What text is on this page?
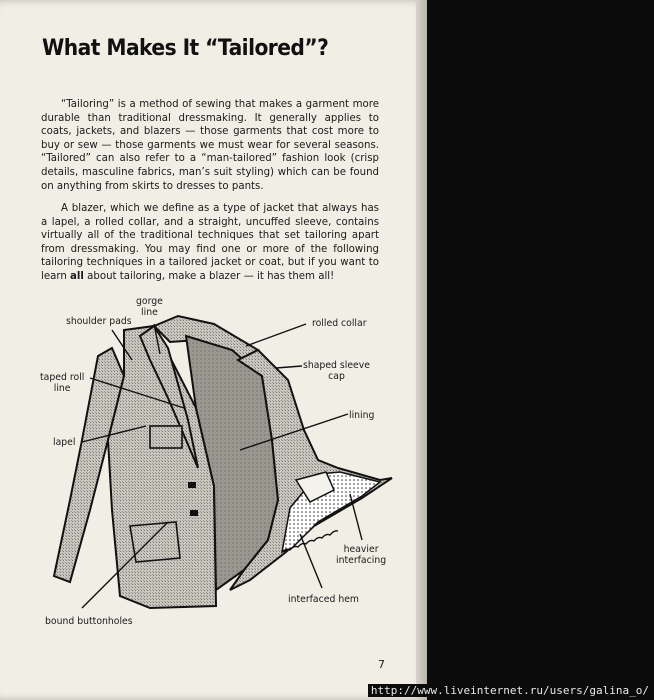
What Makes It “Tailored”?

“Tailoring” is a method of sewing that makes a garment more durable than traditional dressmaking. It generally applies to coats, jackets, and blazers — those garments that cost more to buy or sew — those garments we must wear for several seasons. “Tailored” can also refer to a “man-tailored” fashion look (crisp details, masculine fabrics, man’s suit styling) which can be found on anything from skirts to dresses to pants.

A blazer, which we define as a type of jacket that always has a lapel, a rolled collar, and a straight, uncuffed sleeve, contains virtually all of the traditional techniques that set tailoring apart from dressmaking. You may find one or more of the following tailoring techniques in a tailored jacket or coat, but if you want to learn all about tailoring, make a blazer — it has them all!

gorge
line
shoulder pads	rolled collar
shaped sleeve
cap
taped roll
line
lining
lapel
heavier
interfacing
interfaced hem
bound buttonholes
7
http://www.liveinternet.ru/users/galina_o/
